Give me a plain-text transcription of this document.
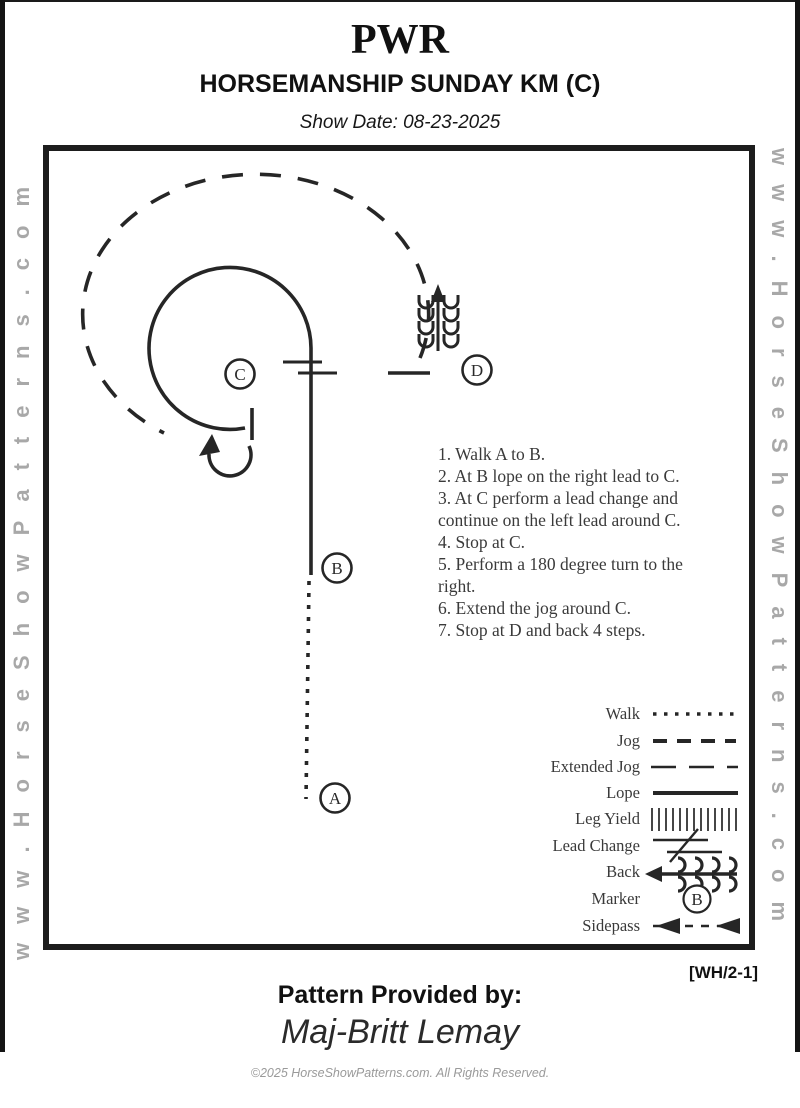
PWR
HORSEMANSHIP SUNDAY KM (C)
Show Date: 08-23-2025
www.HorseShowPatterns.com	www.HorseShowPatterns.com
B
C	D
B
A
1. Walk A to B.
2. At B lope on the right lead to C.
3. At C perform a lead change and
continue on the left lead around C.
4. Stop at C.
5. Perform a 180 degree turn to the
right.
6. Extend the jog around C.
7. Stop at D and back 4 steps.
Walk
Jog
Extended Jog
Lope
Leg Yield
Lead Change
Back
Marker
Sidepass
[WH/2-1]
Pattern Provided by:
Maj-Britt Lemay
©2025 HorseShowPatterns.com. All Rights Reserved.
